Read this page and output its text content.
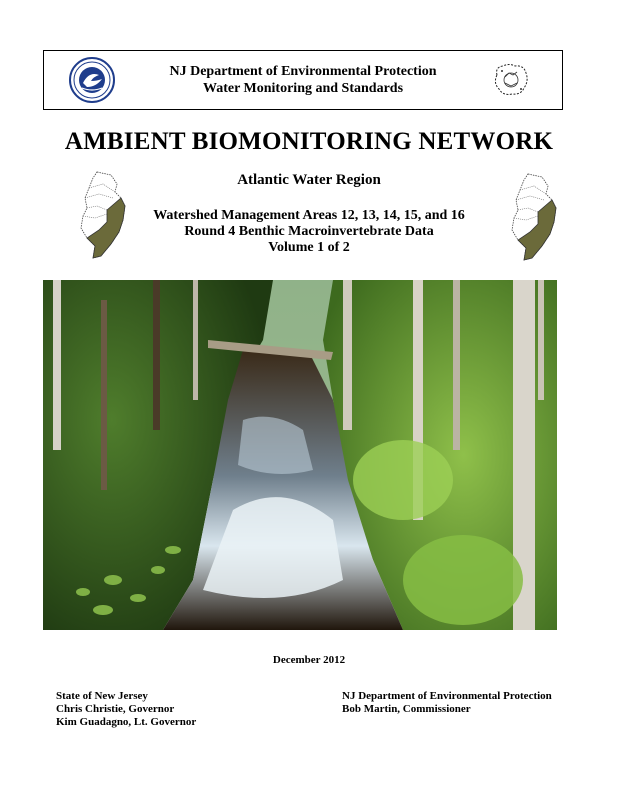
NJ Department of Environmental Protection
Water Monitoring and Standards
AMBIENT BIOMONITORING NETWORK
Atlantic Water Region
Watershed Management Areas 12, 13, 14, 15, and 16
Round 4 Benthic Macroinvertebrate Data
Volume 1 of 2
December 2012
State of New Jersey
Chris Christie, Governor
Kim Guadagno, Lt. Governor
NJ Department of Environmental Protection
Bob Martin, Commissioner
